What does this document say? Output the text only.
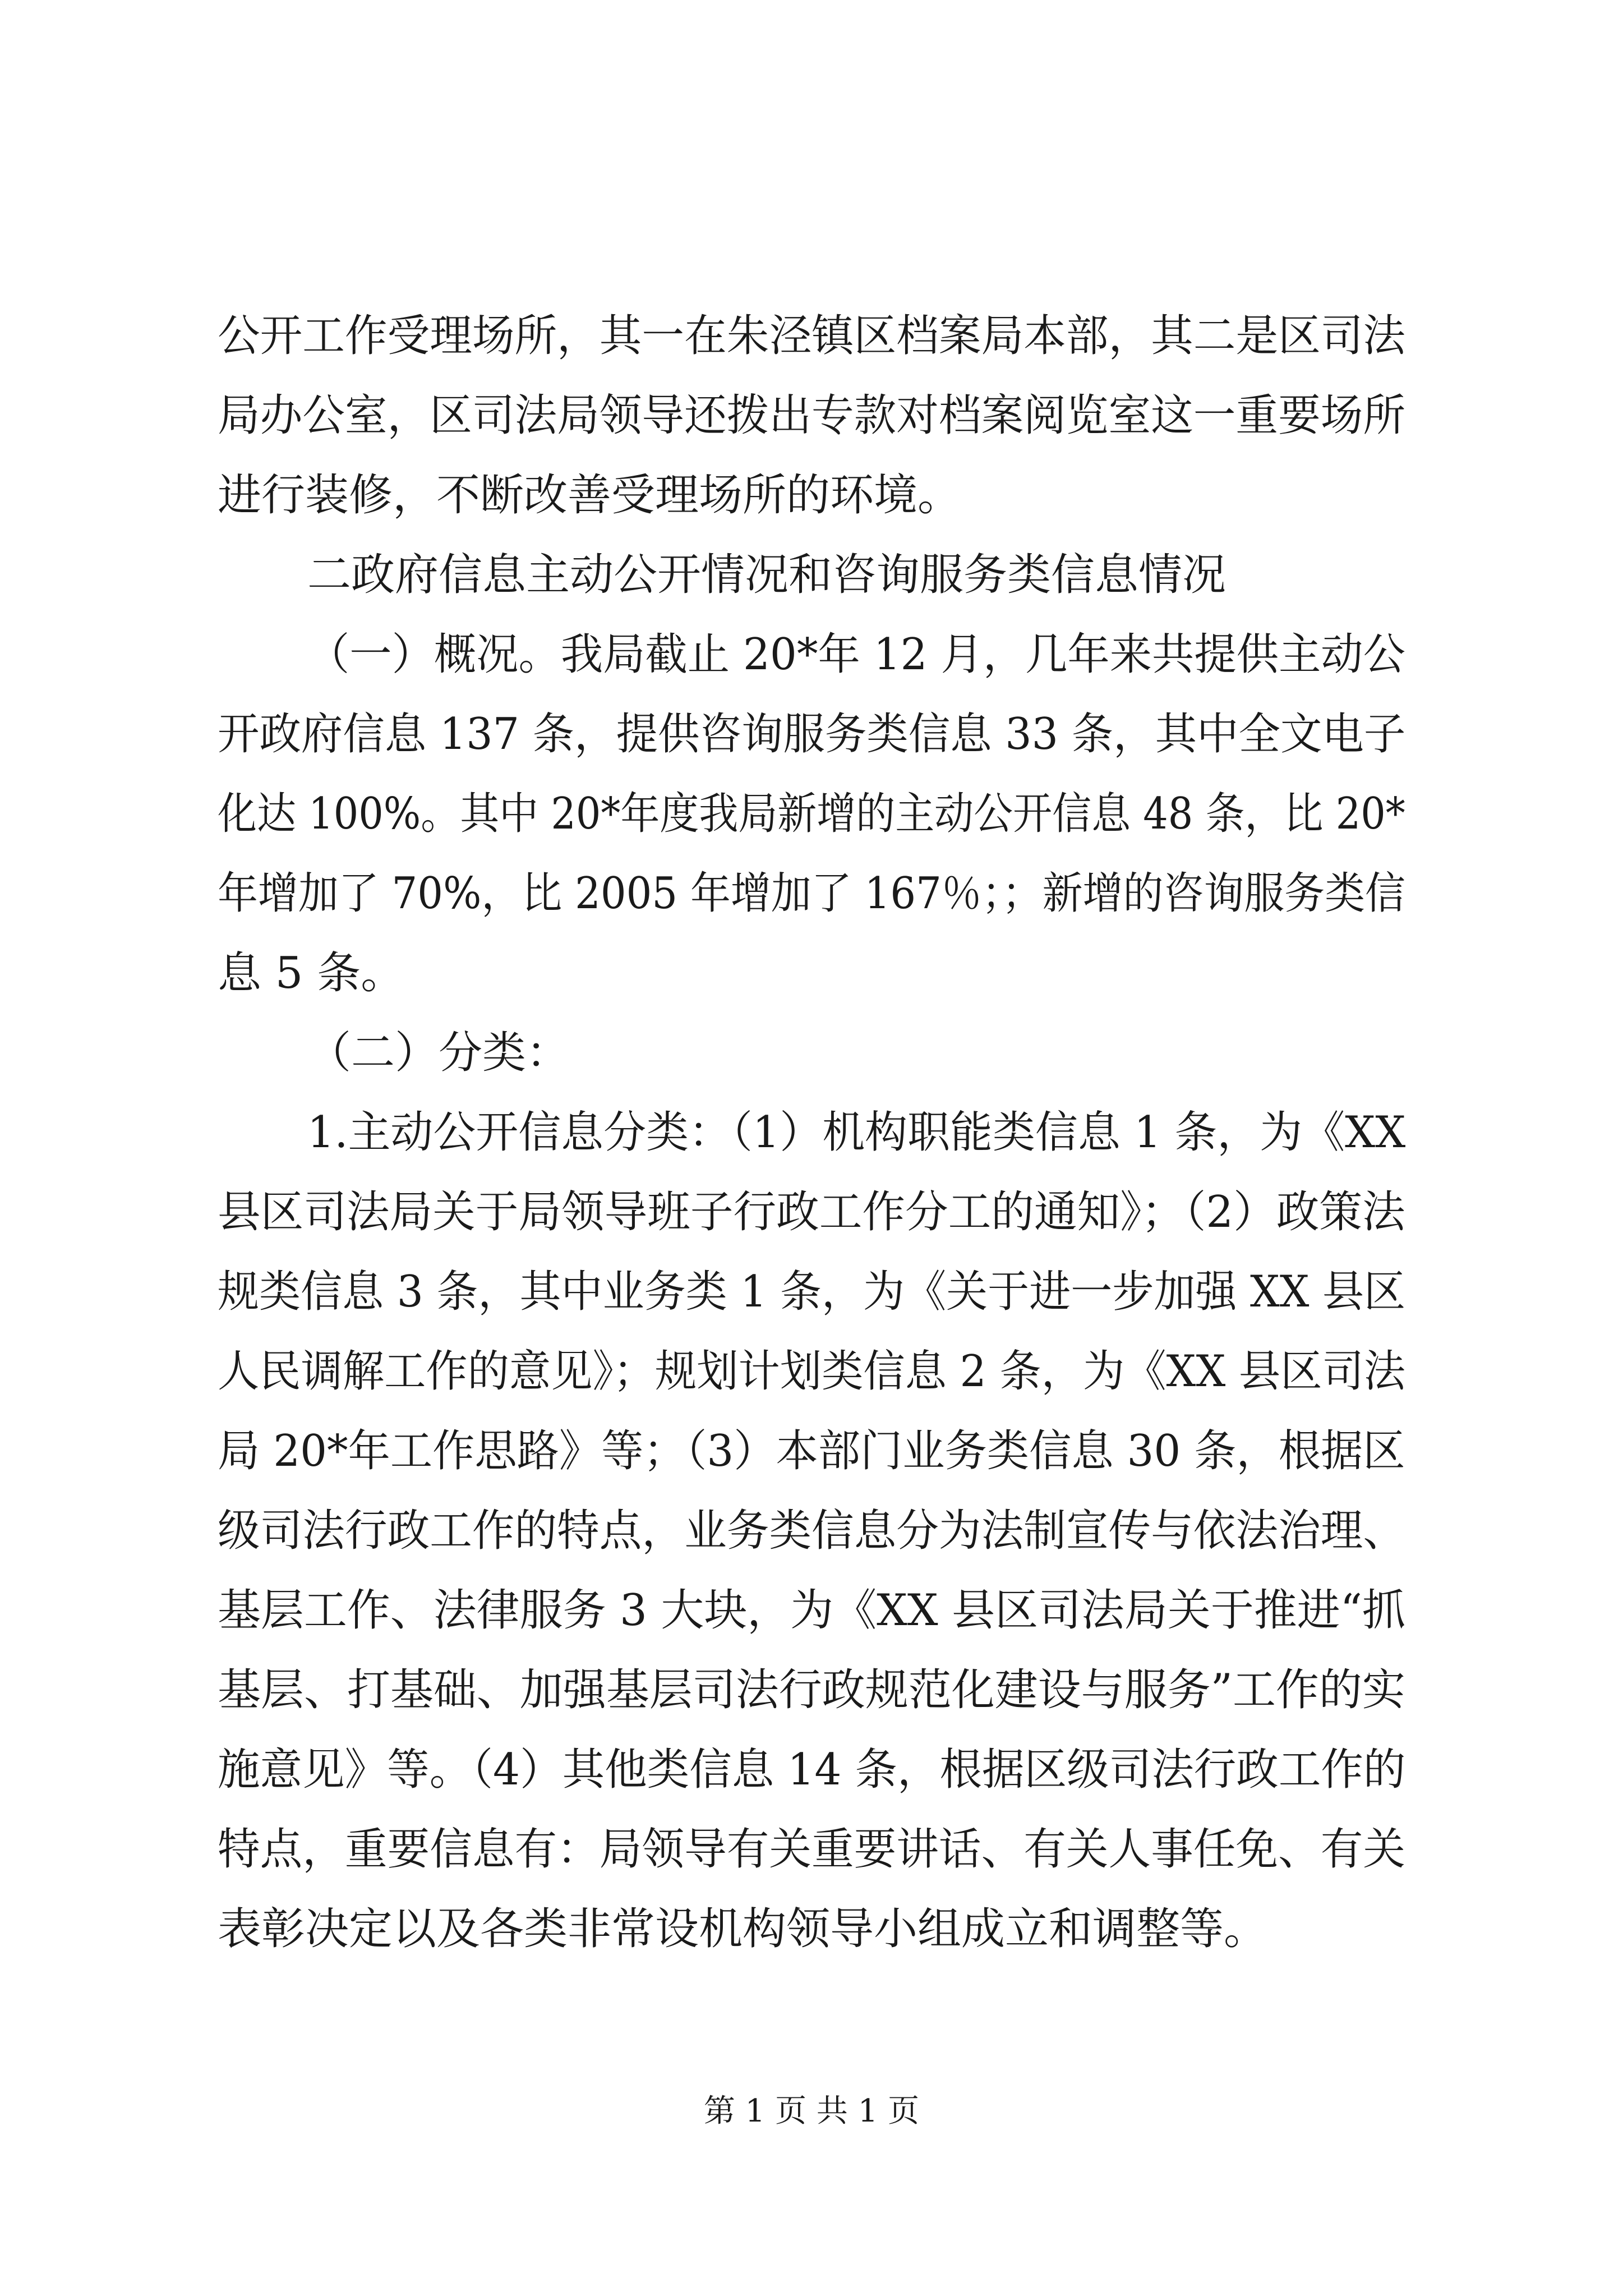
公开工作受理场所，其一在朱泾镇区档案局本部，其二是区司法
局办公室，区司法局领导还拨出专款对档案阅览室这一重要场所
进行装修，不断改善受理场所的环境。
二政府信息主动公开情况和咨询服务类信息情况
（一）概况。我局截止 20*年 12 月，几年来共提供主动公
开政府信息 137 条，提供咨询服务类信息 33 条，其中全文电子
化达 100%。其中 20*年度我局新增的主动公开信息 48 条，比 20*
年增加了 70%，比 2005 年增加了 167％；；新增的咨询服务类信
息 5 条。
（二）分类：
1.主动公开信息分类：（1）机构职能类信息 1 条，为《XX
县区司法局关于局领导班子行政工作分工的通知》；（2）政策法
规类信息 3 条，其中业务类 1 条，为《关于进一步加强 XX 县区
人民调解工作的意见》；规划计划类信息 2 条，为《XX 县区司法
局 20*年工作思路》等；（3）本部门业务类信息 30 条，根据区
级司法行政工作的特点，业务类信息分为法制宣传与依法治理、
基层工作、法律服务 3 大块，为《XX 县区司法局关于推进“抓
基层、打基础、加强基层司法行政规范化建设与服务”工作的实
施意见》等。（4）其他类信息 14 条，根据区级司法行政工作的
特点，重要信息有：局领导有关重要讲话、有关人事任免、有关
表彰决定以及各类非常设机构领导小组成立和调整等。
第 1 页 共 1 页
